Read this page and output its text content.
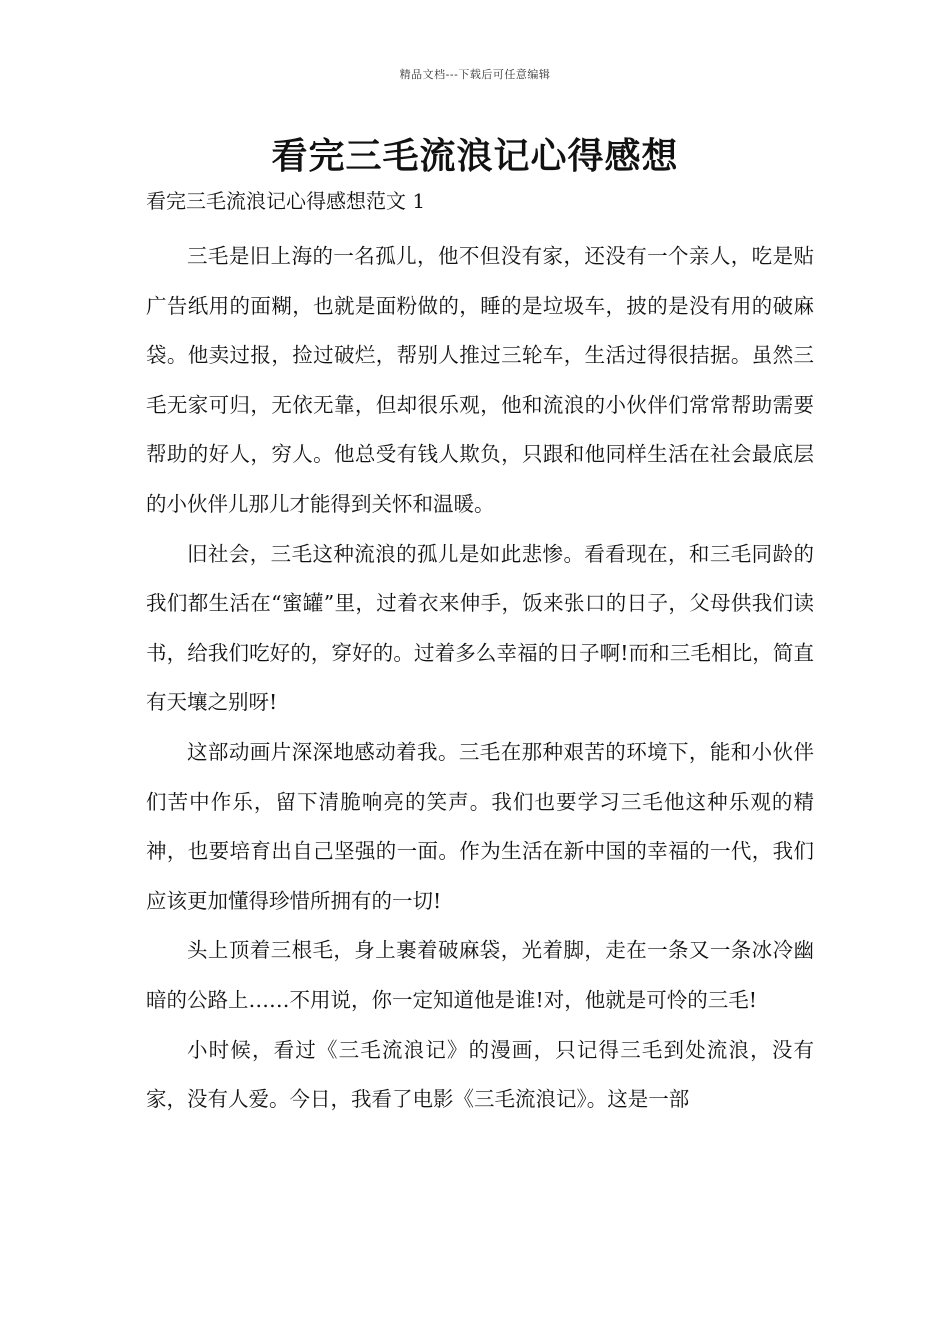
精品文档---下载后可任意编辑
看完三毛流浪记心得感想
看完三毛流浪记心得感想范文 1

三毛是旧上海的一名孤儿，他不但没有家，还没有一个亲人，吃是贴广告纸用的面糊，也就是面粉做的，睡的是垃圾车，披的是没有用的破麻袋。他卖过报，捡过破烂，帮别人推过三轮车，生活过得很拮据。虽然三毛无家可归，无依无靠，但却很乐观，他和流浪的小伙伴们常常帮助需要帮助的好人，穷人。他总受有钱人欺负，只跟和他同样生活在社会最底层的小伙伴儿那儿才能得到关怀和温暖。

旧社会，三毛这种流浪的孤儿是如此悲惨。看看现在，和三毛同龄的我们都生活在“蜜罐”里，过着衣来伸手，饭来张口的日子，父母供我们读书，给我们吃好的，穿好的。过着多么幸福的日子啊!而和三毛相比，简直有天壤之别呀!

这部动画片深深地感动着我。三毛在那种艰苦的环境下，能和小伙伴们苦中作乐，留下清脆响亮的笑声。我们也要学习三毛他这种乐观的精神，也要培育出自己坚强的一面。作为生活在新中国的幸福的一代，我们应该更加懂得珍惜所拥有的一切!

头上顶着三根毛，身上裹着破麻袋，光着脚，走在一条又一条冰冷幽暗的公路上……不用说，你一定知道他是谁!对，他就是可怜的三毛!

小时候，看过《三毛流浪记》的漫画，只记得三毛到处流浪，没有家，没有人爱。今日，我看了电影《三毛流浪记》。这是一部
